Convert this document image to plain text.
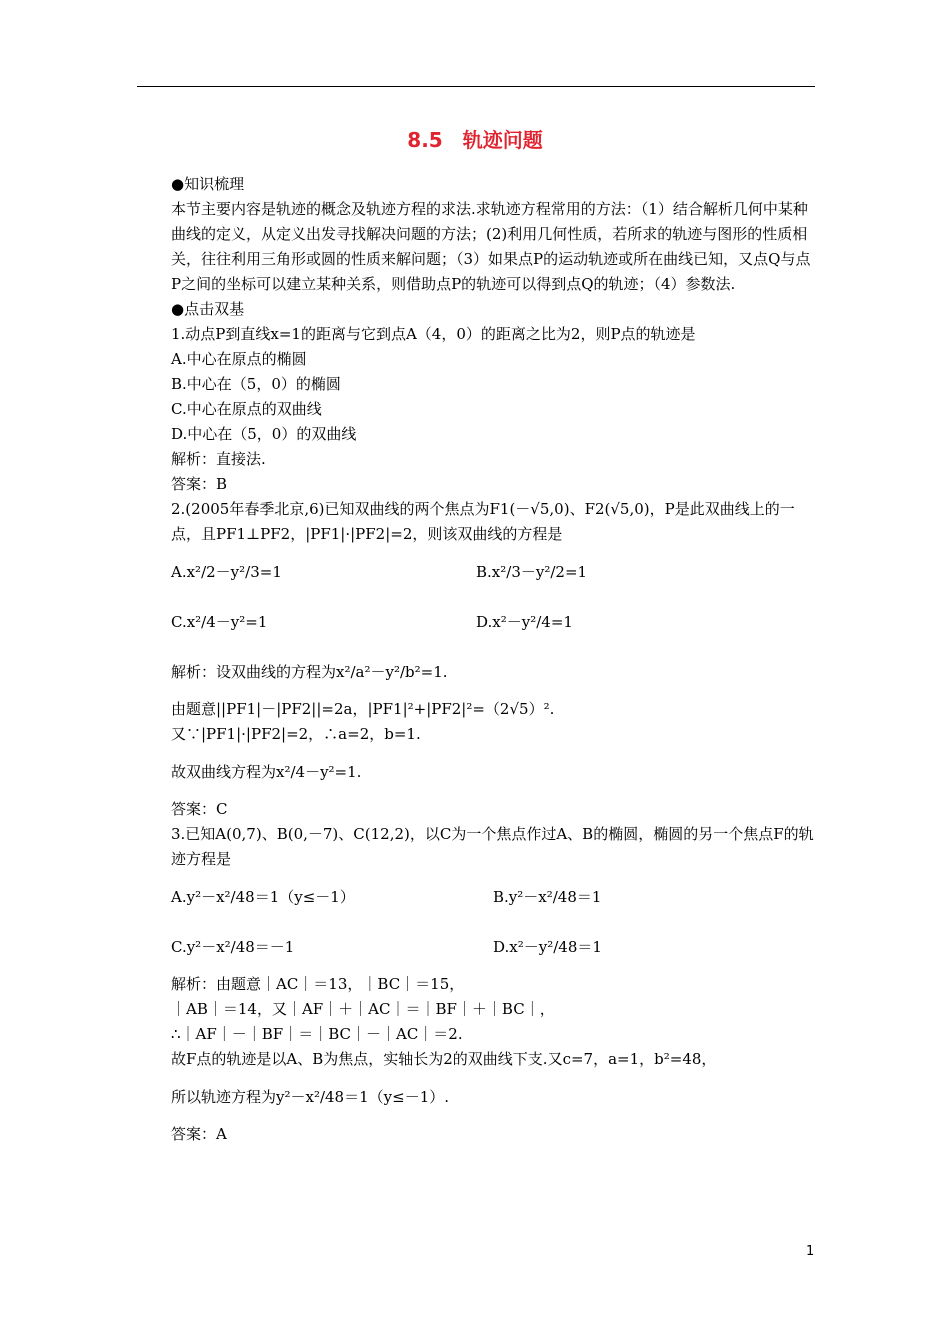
8.5　轨迹问题
●知识梳理
本节主要内容是轨迹的概念及轨迹方程的求法.求轨迹方程常用的方法：（1）结合解析几何中某种曲线的定义，从定义出发寻找解决问题的方法；(2)利用几何性质，若所求的轨迹与图形的性质相关，往往利用三角形或圆的性质来解问题；（3）如果点P的运动轨迹或所在曲线已知，又点Q与点P之间的坐标可以建立某种关系，则借助点P的轨迹可以得到点Q的轨迹；（4）参数法.
●点击双基
1.动点P到直线x=1的距离与它到点A（4，0）的距离之比为2，则P点的轨迹是
A.中心在原点的椭圆
B.中心在（5，0）的椭圆
C.中心在原点的双曲线
D.中心在（5，0）的双曲线
解析：直接法.
答案：B
2.(2005年春季北京,6)已知双曲线的两个焦点为F1(－√5,0)、F2(√5,0)，P是此双曲线上的一点，且PF1⊥PF2，|PF1|·|PF2|=2，则该双曲线的方程是
A.x²/2－y²/3=1	B.x²/3－y²/2=1
C.x²/4－y²=1	D.x²－y²/4=1
解析：设双曲线的方程为x²/a²－y²/b²=1.
由题意||PF1|－|PF2||=2a，|PF1|²+|PF2|²=（2√5）².
又∵|PF1|·|PF2|=2，∴a=2，b=1.
故双曲线方程为x²/4－y²=1.
答案：C
3.已知A(0,7)、B(0,－7)、C(12,2)，以C为一个焦点作过A、B的椭圆，椭圆的另一个焦点F的轨迹方程是
A.y²－x²/48＝1（y≤－1）	B.y²－x²/48＝1
C.y²－x²/48＝－1	D.x²－y²/48＝1
解析：由题意｜AC｜＝13，｜BC｜＝15，
｜AB｜＝14，又｜AF｜＋｜AC｜＝｜BF｜＋｜BC｜，
∴｜AF｜－｜BF｜＝｜BC｜－｜AC｜＝2.
故F点的轨迹是以A、B为焦点，实轴长为2的双曲线下支.又c=7，a=1，b²=48，
所以轨迹方程为y²－x²/48＝1（y≤－1）.
答案：A
1
